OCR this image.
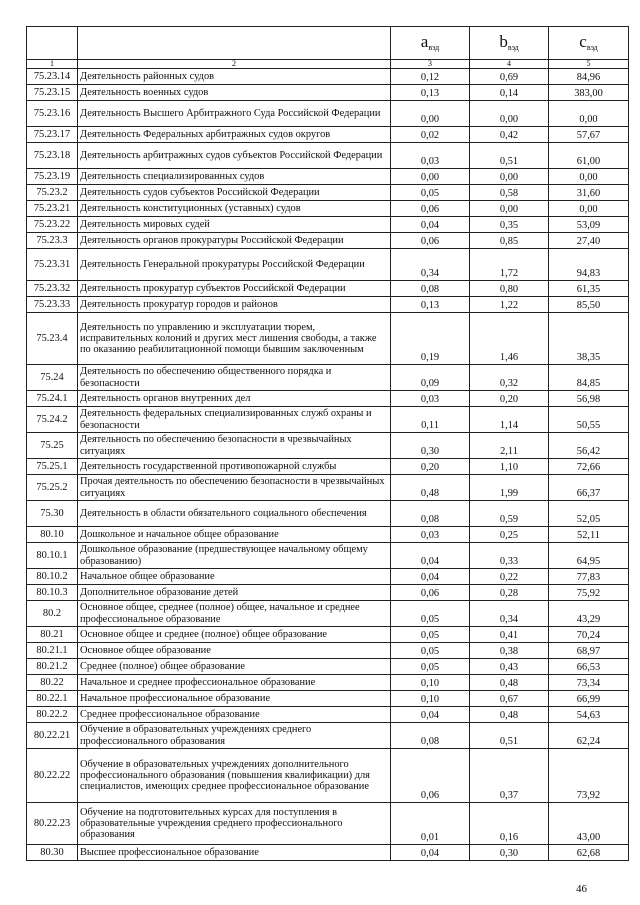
		$a_{вэд}$	$b_{вэд}$	$c_{вэд}$
1	2	3	4	5
75.23.14	Деятельность районных судов	0,12	0,69	84,96
75.23.15	Деятельность военных судов	0,13	0,14	383,00
75.23.16	Деятельность Высшего Арбитражного Суда Российской Федерации	0,00	0,00	0,00
75.23.17	Деятельность Федеральных арбитражных судов округов	0,02	0,42	57,67
75.23.18	Деятельность арбитражных судов субъектов Российской Федерации	0,03	0,51	61,00
75.23.19	Деятельность специализированных судов	0,00	0,00	0,00
75.23.2	Деятельность судов субъектов Российской Федерации	0,05	0,58	31,60
75.23.21	Деятельность конституционных (уставных) судов	0,06	0,00	0,00
75.23.22	Деятельность мировых судей	0,04	0,35	53,09
75.23.3	Деятельность органов прокуратуры Российской Федерации	0,06	0,85	27,40
75.23.31	Деятельность Генеральной прокуратуры Российской Федерации	0,34	1,72	94,83
75.23.32	Деятельность прокуратур субъектов Российской Федерации	0,08	0,80	61,35
75.23.33	Деятельность прокуратур городов и районов	0,13	1,22	85,50
75.23.4	Деятельность по управлению и эксплуатации тюрем, исправительных колоний и других мест лишения свободы, а также по оказанию реабилитационной помощи бывшим заключенным	0,19	1,46	38,35
75.24	Деятельность по обеспечению общественного порядка и безопасности	0,09	0,32	84,85
75.24.1	Деятельность органов внутренних дел	0,03	0,20	56,98
75.24.2	Деятельность федеральных специализированных служб охраны и безопасности	0,11	1,14	50,55
75.25	Деятельность по обеспечению безопасности в чрезвычайных ситуациях	0,30	2,11	56,42
75.25.1	Деятельность государственной противопожарной службы	0,20	1,10	72,66
75.25.2	Прочая деятельность по обеспечению безопасности в чрезвычайных ситуациях	0,48	1,99	66,37
75.30	Деятельность в области обязательного социального обеспечения	0,08	0,59	52,05
80.10	Дошкольное и начальное общее образование	0,03	0,25	52,11
80.10.1	Дошкольное образование (предшествующее начальному общему образованию)	0,04	0,33	64,95
80.10.2	Начальное общее образование	0,04	0,22	77,83
80.10.3	Дополнительное образование детей	0,06	0,28	75,92
80.2	Основное общее, среднее (полное) общее, начальное и среднее профессиональное образование	0,05	0,34	43,29
80.21	Основное общее и среднее (полное) общее образование	0,05	0,41	70,24
80.21.1	Основное общее образование	0,05	0,38	68,97
80.21.2	Среднее (полное) общее образование	0,05	0,43	66,53
80.22	Начальное и среднее профессиональное образование	0,10	0,48	73,34
80.22.1	Начальное профессиональное образование	0,10	0,67	66,99
80.22.2	Среднее профессиональное образование	0,04	0,48	54,63
80.22.21	Обучение в образовательных учреждениях среднего профессионального образования	0,08	0,51	62,24
80.22.22	Обучение в образовательных учреждениях дополнительного профессионального образования (повышения квалификации) для специалистов, имеющих среднее профессиональное образование	0,06	0,37	73,92
80.22.23	Обучение на подготовительных курсах для поступления в образовательные учреждения среднего профессионального образования	0,01	0,16	43,00
80.30	Высшее профессиональное образование	0,04	0,30	62,68
46
